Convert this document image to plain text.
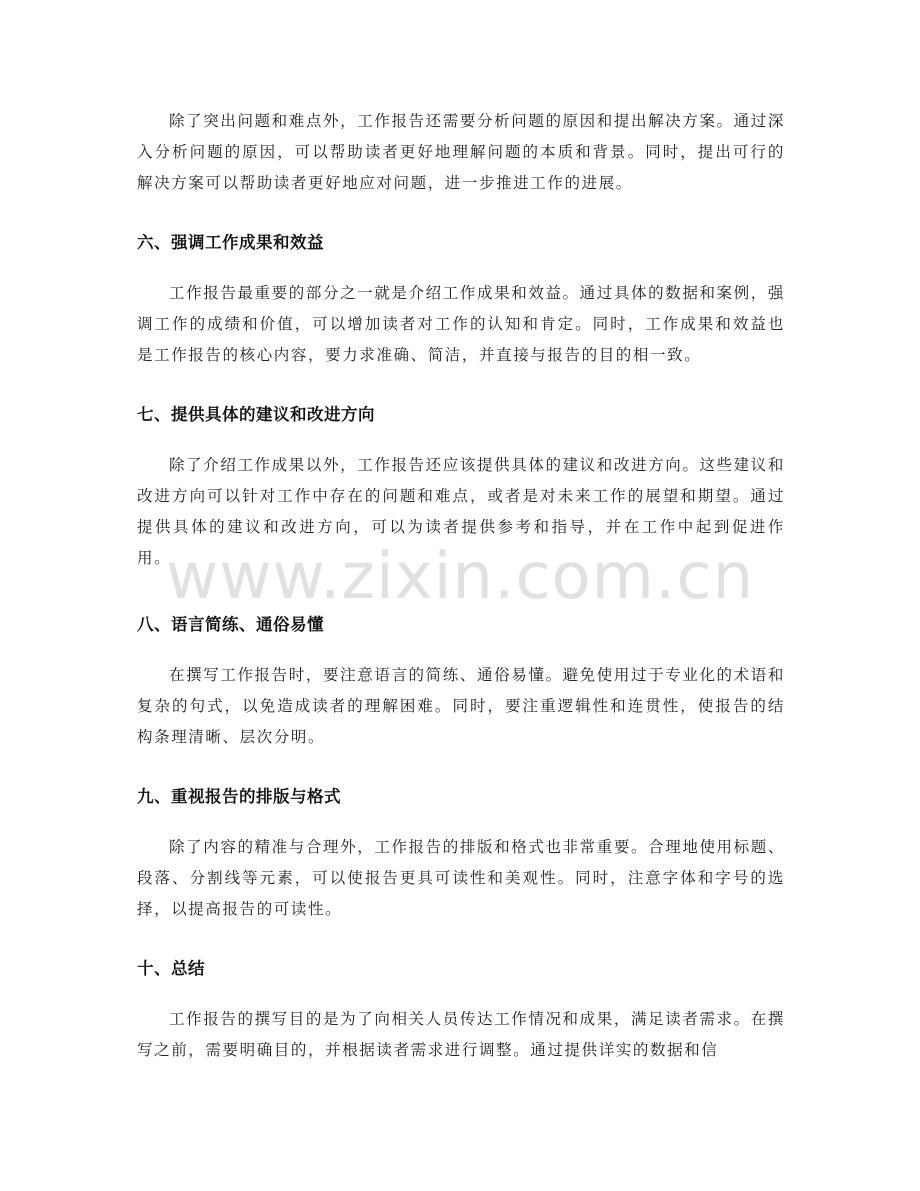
www.zixin.com.cn

除了突出问题和难点外，工作报告还需要分析问题的原因和提出解决方案。通过深入分析问题的原因，可以帮助读者更好地理解问题的本质和背景。同时，提出可行的解决方案可以帮助读者更好地应对问题，进一步推进工作的进展。

六、强调工作成果和效益

工作报告最重要的部分之一就是介绍工作成果和效益。通过具体的数据和案例，强调工作的成绩和价值，可以增加读者对工作的认知和肯定。同时，工作成果和效益也是工作报告的核心内容，要力求准确、简洁，并直接与报告的目的相一致。

七、提供具体的建议和改进方向

除了介绍工作成果以外，工作报告还应该提供具体的建议和改进方向。这些建议和改进方向可以针对工作中存在的问题和难点，或者是对未来工作的展望和期望。通过提供具体的建议和改进方向，可以为读者提供参考和指导，并在工作中起到促进作用。

八、语言简练、通俗易懂

在撰写工作报告时，要注意语言的简练、通俗易懂。避免使用过于专业化的术语和复杂的句式，以免造成读者的理解困难。同时，要注重逻辑性和连贯性，使报告的结构条理清晰、层次分明。

九、重视报告的排版与格式

除了内容的精准与合理外，工作报告的排版和格式也非常重要。合理地使用标题、段落、分割线等元素，可以使报告更具可读性和美观性。同时，注意字体和字号的选择，以提高报告的可读性。

十、总结

工作报告的撰写目的是为了向相关人员传达工作情况和成果，满足读者需求。在撰写之前，需要明确目的，并根据读者需求进行调整。通过提供详实的数据和信
